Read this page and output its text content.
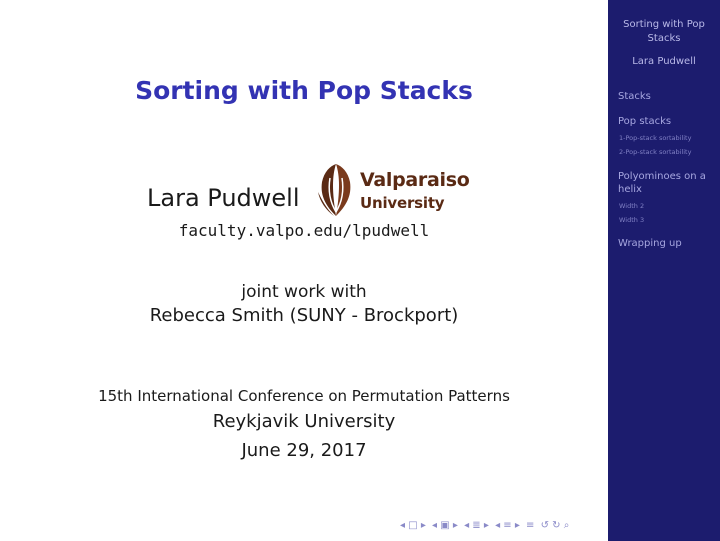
Sorting with Pop Stacks
Lara Pudwell
Valparaiso
University
faculty.valpo.edu/lpudwell
joint work with
Rebecca Smith (SUNY - Brockport)
15th International Conference on Permutation Patterns
Reykjavik University
June 29, 2017
◂ □ ▸ ◂ ▣ ▸ ◂ ≣ ▸ ◂ ≡ ▸ ≡ ↺ ↻ ⌕
Sorting with Pop Stacks
Lara Pudwell
Stacks
Pop stacks
1-Pop-stack sortability
2-Pop-stack sortability
Polyominoes on a helix
Width 2
Width 3
Wrapping up
